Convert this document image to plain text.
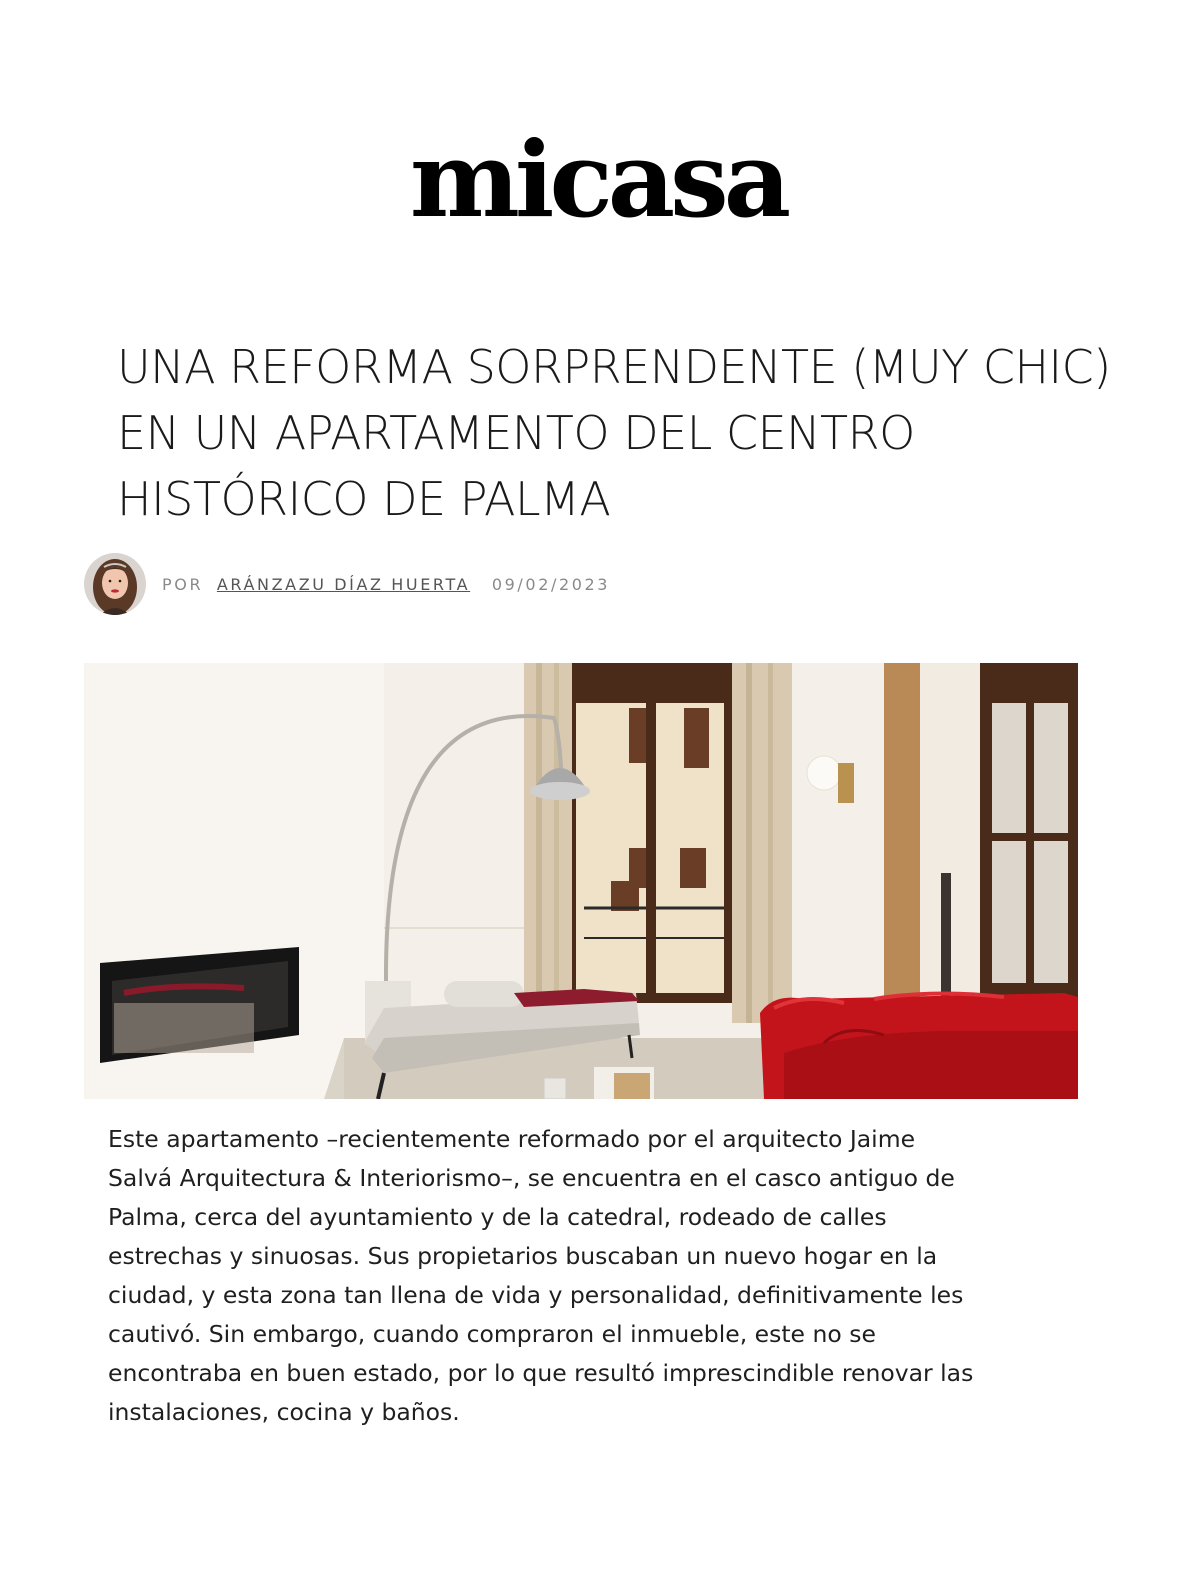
micasa
UNA REFORMA SORPRENDENTE (MUY CHIC)
EN UN APARTAMENTO DEL CENTRO
HISTÓRICO DE PALMA
POR ARÁNZAZU DÍAZ HUERTA 09/02/2023
Este apartamento –recientemente reformado por el arquitecto Jaime
Salvá Arquitectura & Interiorismo–, se encuentra en el casco antiguo de
Palma, cerca del ayuntamiento y de la catedral, rodeado de calles
estrechas y sinuosas. Sus propietarios buscaban un nuevo hogar en la
ciudad, y esta zona tan llena de vida y personalidad, definitivamente les
cautivó. Sin embargo, cuando compraron el inmueble, este no se
encontraba en buen estado, por lo que resultó imprescindible renovar las
instalaciones, cocina y baños.
